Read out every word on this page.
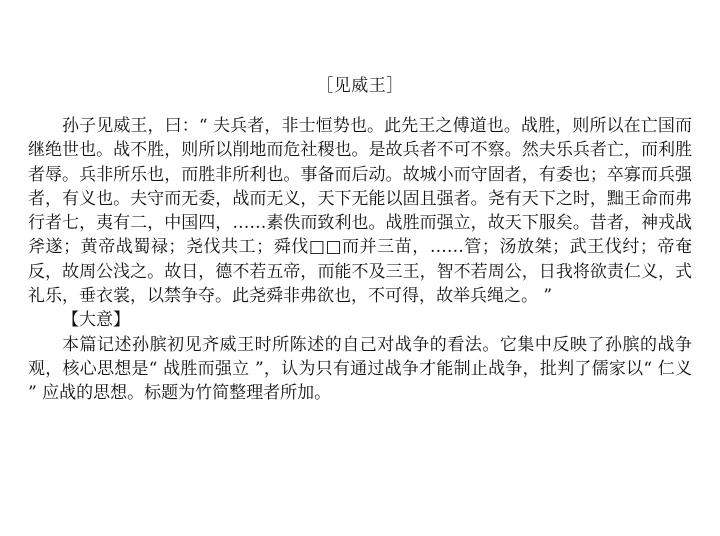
［见威王］

孙子见威王，曰：“ 夫兵者，非士恒势也。此先王之傅道也。战胜，则所以在亡国而继绝世也。战不胜，则所以削地而危社稷也。是故兵者不可不察。然夫乐兵者亡，而利胜者辱。兵非所乐也，而胜非所利也。事备而后动。故城小而守固者，有委也；卒寡而兵强者，有义也。夫守而无委，战而无义，天下无能以固且强者。尧有天下之时，黜王命而弗行者七，夷有二，中国四，……素佚而致利也。战胜而强立，故天下服矣。昔者，神戎战斧遂；黄帝战蜀禄；尧伐共工；舜伐□□而并三苗，……管；汤放桀；武王伐纣；帝奄反，故周公浅之。故日，德不若五帝，而能不及三王，智不若周公，日我将欲责仁义，式礼乐，垂衣裳，以禁争夺。此尧舜非弗欲也，不可得，故举兵绳之。 ”

【大意】

本篇记述孙膑初见齐威王时所陈述的自己对战争的看法。它集中反映了孙膑的战争观，核心思想是“ 战胜而强立 ”，认为只有通过战争才能制止战争，批判了儒家以“ 仁义 ” 应战的思想。标题为竹简整理者所加。
